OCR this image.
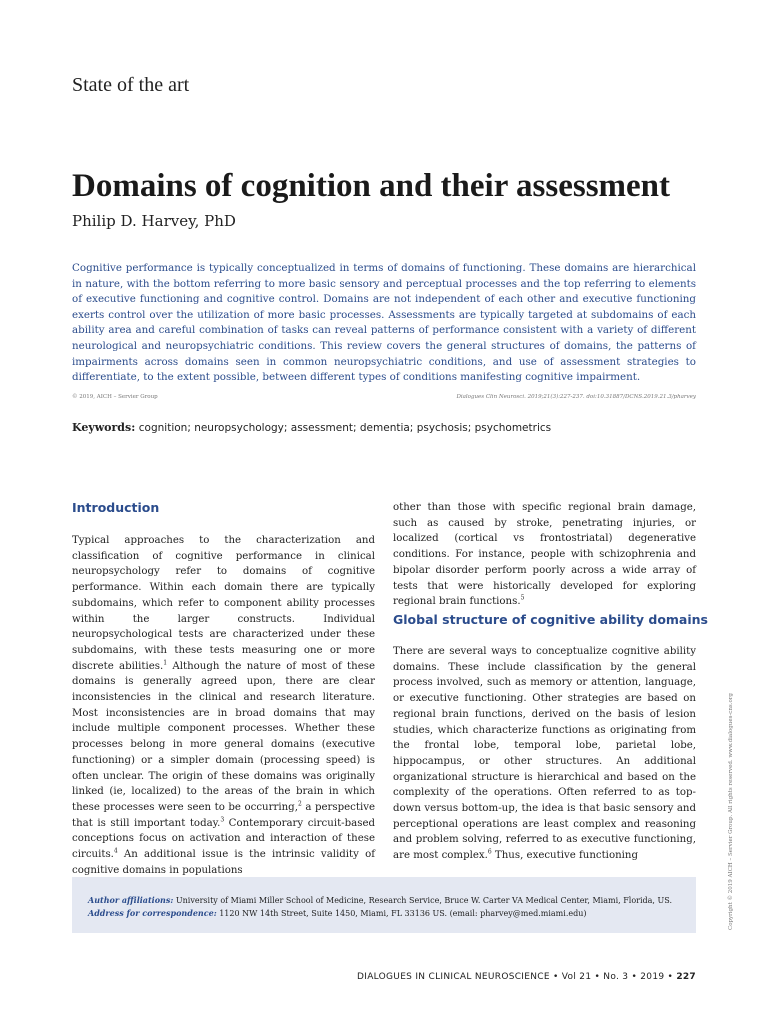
State of the art
Domains of cognition and their assessment
Philip D. Harvey, PhD

Cognitive performance is typically conceptualized in terms of domains of functioning. These domains are hierarchical in nature, with the bottom referring to more basic sensory and perceptual processes and the top referring to elements of executive functioning and cognitive control. Domains are not independent of each other and executive functioning exerts control over the utilization of more basic processes. Assessments are typically targeted at subdomains of each ability area and careful combination of tasks can reveal patterns of performance consistent with a variety of different neurological and neuropsychiatric conditions. This review covers the general structures of domains, the patterns of impairments across domains seen in common neuropsychiatric conditions, and use of assessment strategies to differentiate, to the extent possible, between different types of conditions manifesting cognitive impairment.

© 2019, AICH – Servier Group	Dialogues Clin Neurosci. 2019;21(3):227-237. doi:10.31887/DCNS.2019.21.3/pharvey
Keywords: cognition; neuropsychology; assessment; dementia; psychosis; psychometrics
Introduction

Typical approaches to the characterization and classification of cognitive performance in clinical neuropsychology refer to domains of cognitive performance. Within each domain there are typically subdomains, which refer to component ability processes within the larger constructs. Individual neuropsychological tests are characterized under these subdomains, with these tests measuring one or more discrete abilities.$^1$ Although the nature of most of these domains is generally agreed upon, there are clear inconsistencies in the clinical and research literature. Most inconsistencies are in broad domains that may include multiple component processes. Whether these processes belong in more general domains (executive functioning) or a simpler domain (processing speed) is often unclear. The origin of these domains was originally linked (ie, localized) to the areas of the brain in which these processes were seen to be occurring,$^2$ a perspective that is still important today.$^3$ Contemporary circuit-based conceptions focus on activation and interaction of these circuits.$^4$ An additional issue is the intrinsic validity of cognitive domains in populations

other than those with specific regional brain damage, such as caused by stroke, penetrating injuries, or localized (cortical vs frontostriatal) degenerative conditions. For instance, people with schizophrenia and bipolar disorder perform poorly across a wide array of tests that were historically developed for exploring regional brain functions.$^5$

Global structure of cognitive ability domains

There are several ways to conceptualize cognitive ability domains. These include classification by the general process involved, such as memory or attention, language, or executive functioning. Other strategies are based on regional brain functions, derived on the basis of lesion studies, which characterize functions as originating from the frontal lobe, temporal lobe, parietal lobe, hippocampus, or other structures. An additional organizational structure is hierarchical and based on the complexity of the operations. Often referred to as top-down versus bottom-up, the idea is that basic sensory and perceptional operations are least complex and reasoning and problem solving, referred to as executive functioning, are most complex.$^6$ Thus, executive functioning

Author affiliations: University of Miami Miller School of Medicine, Research Service, Bruce W. Carter VA Medical Center, Miami, Florida, US. Address for correspondence: 1120 NW 14th Street, Suite 1450, Miami, FL 33136 US. (email: pharvey@med.miami.edu)	Copyright © 2019 AICH – Servier Group. All rights reserved. www.dialogues-cns.org
DIALOGUES IN CLINICAL NEUROSCIENCE • Vol 21 • No. 3 • 2019 • 227
